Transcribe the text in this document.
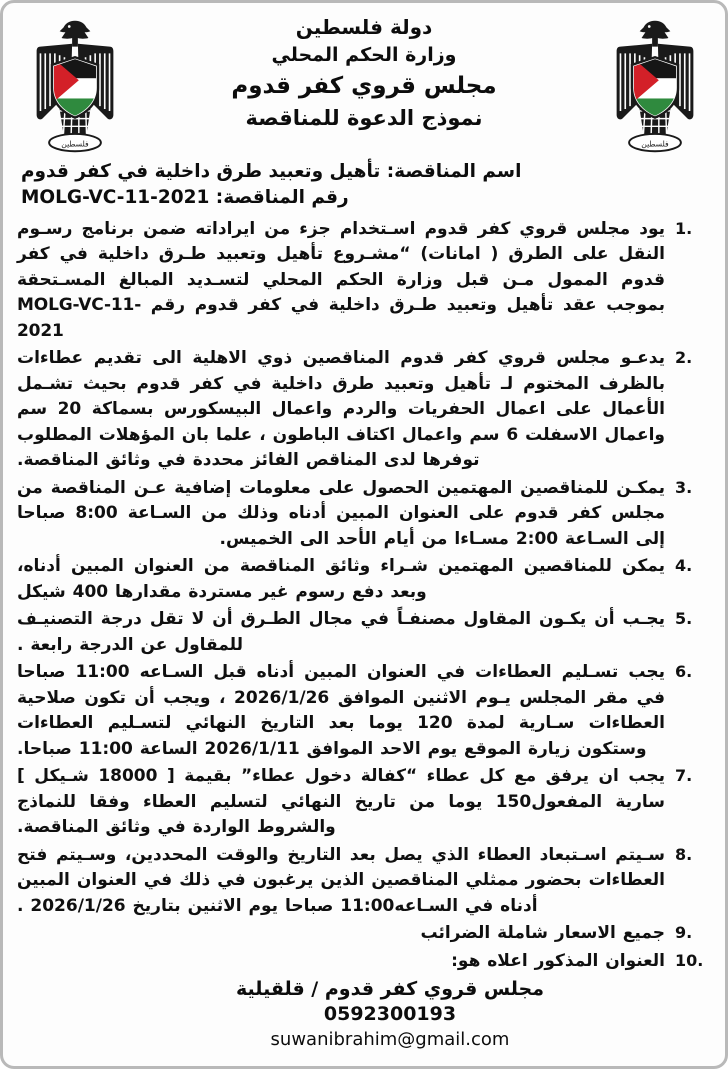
فلسطين
فلسطين
دولة فلسطين
وزارة الحكم المحلي
مجلس قروي كفر قدوم
نموذج الدعوة للمناقصة
اسم المناقصة: تأهيل وتعبيد طرق داخلية في كفر قدوم
رقم المناقصة: MOLG-VC-11-2021
1.
يود مجلس قروي كفر قدوم اسـتخدام جزء من ايراداته ضمن برنامج رسـوم النقل على الطرق ( امانات) “مشـروع تأهيل وتعبيد طـرق داخلية في كفر قدوم الممول مـن قبل وزارة الحكم المحلي لتسـديد المبالغ المسـتحقة بموجب عقد تأهيل وتعبيد طـرق داخلية في كفر قدوم رقم MOLG-VC-11-2021
2.
يدعـو مجلس قروي كفر قدوم المناقصين ذوي الاهلية الى تقديم عطاءات بالظرف المختوم لـ تأهيل وتعبيد طرق داخلية في كفر قدوم بحيث تشـمل الأعمال على اعمال الحفريات والردم واعمال البيسكورس بسماكة 20 سم واعمال الاسفلت 6 سم واعمال اكتاف الباطون ، علما بان المؤهلات المطلوب توفرها لدى المناقص الفائز محددة في وثائق المناقصة.
3.
يمكـن للمناقصين المهتمين الحصول على معلومات إضافية عـن المناقصة من مجلس كفر قدوم على العنوان المبين أدناه وذلك من السـاعة 8:00 صباحا إلى السـاعة 2:00 مسـاءا من أيام الأحد الى الخميس.
4.
يمكن للمناقصين المهتمين شـراء وثائق المناقصة من العنوان المبين أدناه، وبعد دفع رسوم غير مستردة مقدارها 400 شيكل
5.
يجـب أن يكـون المقاول مصنفـاً في مجال الطـرق أن لا تقل درجة التصنيـف للمقاول عن الدرجة رابعة .
6.
يجب تسـليم العطاءات في العنوان المبين أدناه قبل السـاعه 11:00 صباحا في مقر المجلس يـوم الاثنين الموافق 2026/1/26 ، ويجب أن تكون صلاحية العطاءات سـارية لمدة 120 يوما بعد التاريخ النهائي لتسـليم العطاءات وستكون زيارة الموقع يوم الاحد الموافق 2026/1/11 الساعة 11:00 صباحا.
7.
يجب ان يرفق مع كل عطاء “كفالة دخول عطاء” بقيمة [ 18000 شـيكل ] سارية المفعول150 يوما من تاريخ النهائي لتسليم العطاء وفقا للنماذج والشروط الواردة في وثائق المناقصة.
8.
سـيتم اسـتبعاد العطاء الذي يصل بعد التاريخ والوقت المحددين، وسـيتم فتح العطاءات بحضور ممثلي المناقصين الذين يرغبون في ذلك في العنوان المبين أدناه في السـاعه11:00 صباحا يوم الاثنين بتاريخ 2026/1/26 .
9.
جميع الاسعار شاملة الضرائب
10.
العنوان المذكور اعلاه هو:
مجلس قروي كفر قدوم / قلقيلية
0592300193
suwanibrahim@gmail.com
